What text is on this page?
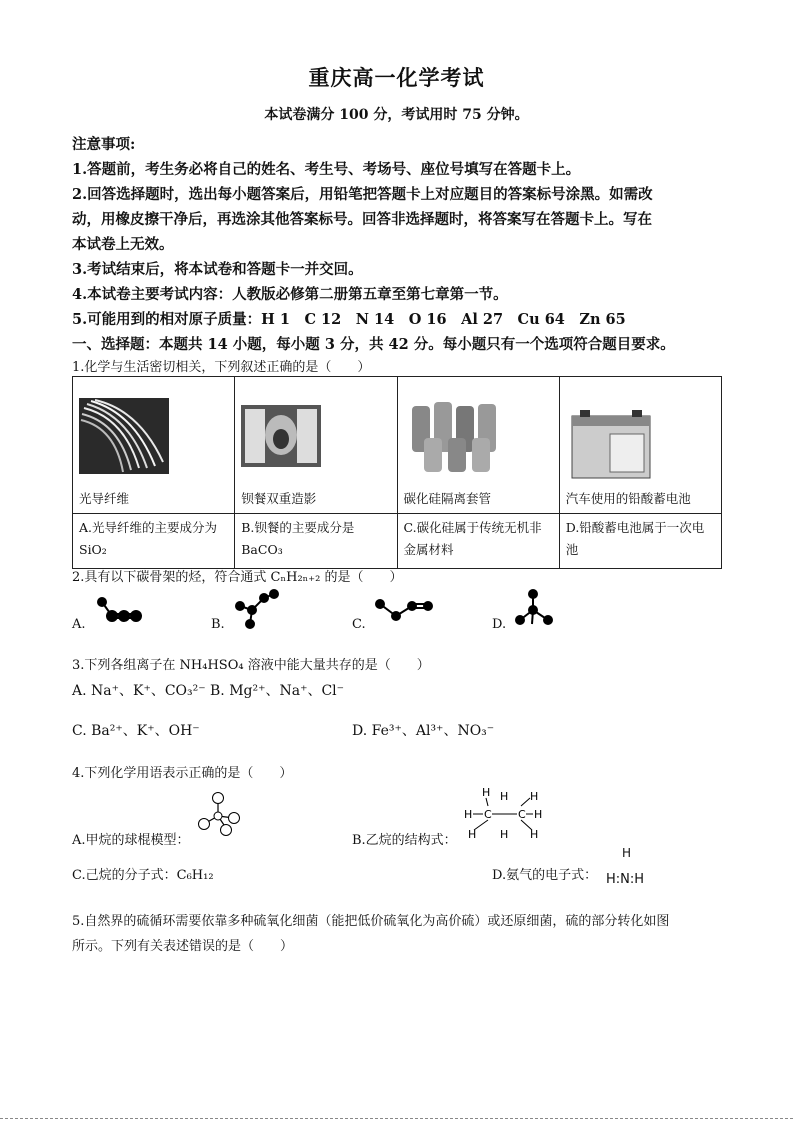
重庆高一化学考试
本试卷满分 100 分，考试用时 75 分钟。
注意事项:
1.答题前，考生务必将自己的姓名、考生号、考场号、座位号填写在答题卡上。
2.回答选择题时，选出每小题答案后，用铅笔把答题卡上对应题目的答案标号涂黑。如需改
动，用橡皮擦干净后，再选涂其他答案标号。回答非选择题时，将答案写在答题卡上。写在
本试卷上无效。
3.考试结束后，将本试卷和答题卡一并交回。
4.本试卷主要考试内容：人教版必修第二册第五章至第七章第一节。
5.可能用到的相对原子质量：H 1　C 12　N 14　O 16　Al 27　Cu 64　Zn 65
一、选择题：本题共 14 小题，每小题 3 分，共 42 分。每小题只有一个选项符合题目要求。
1.化学与生活密切相关，下列叙述正确的是（　　）
光导纤维	钡餐双重造影	碳化硅隔离套管	汽车使用的铅酸蓄电池
A.光导纤维的主要成分为 SiO₂	B.钡餐的主要成分是 BaCO₃	C.碳化硅属于传统无机非金属材料	D.铅酸蓄电池属于一次电池
2.具有以下碳骨架的烃，符合通式 CₙH₂ₙ₊₂ 的是（　　）
A.	B.	C.	D.
3.下列各组离子在 NH₄HSO₄ 溶液中能大量共存的是（　　）
A. Na⁺、K⁺、CO₃²⁻ B. Mg²⁺、Na⁺、Cl⁻
C. Ba²⁺、K⁺、OH⁻	D. Fe³⁺、Al³⁺、NO₃⁻
4.下列化学用语表示正确的是（　　）
A.甲烷的球棍模型：	B.乙烷的结构式：
H H H
H C C H
H
H	H
C.己烷的分子式：C₆H₁₂	D.氨气的电子式：
H
H:N:H
5.自然界的硫循环需要依靠多种硫氧化细菌（能把低价硫氧化为高价硫）或还原细菌，硫的部分转化如图
所示。下列有关表述错误的是（　　）
